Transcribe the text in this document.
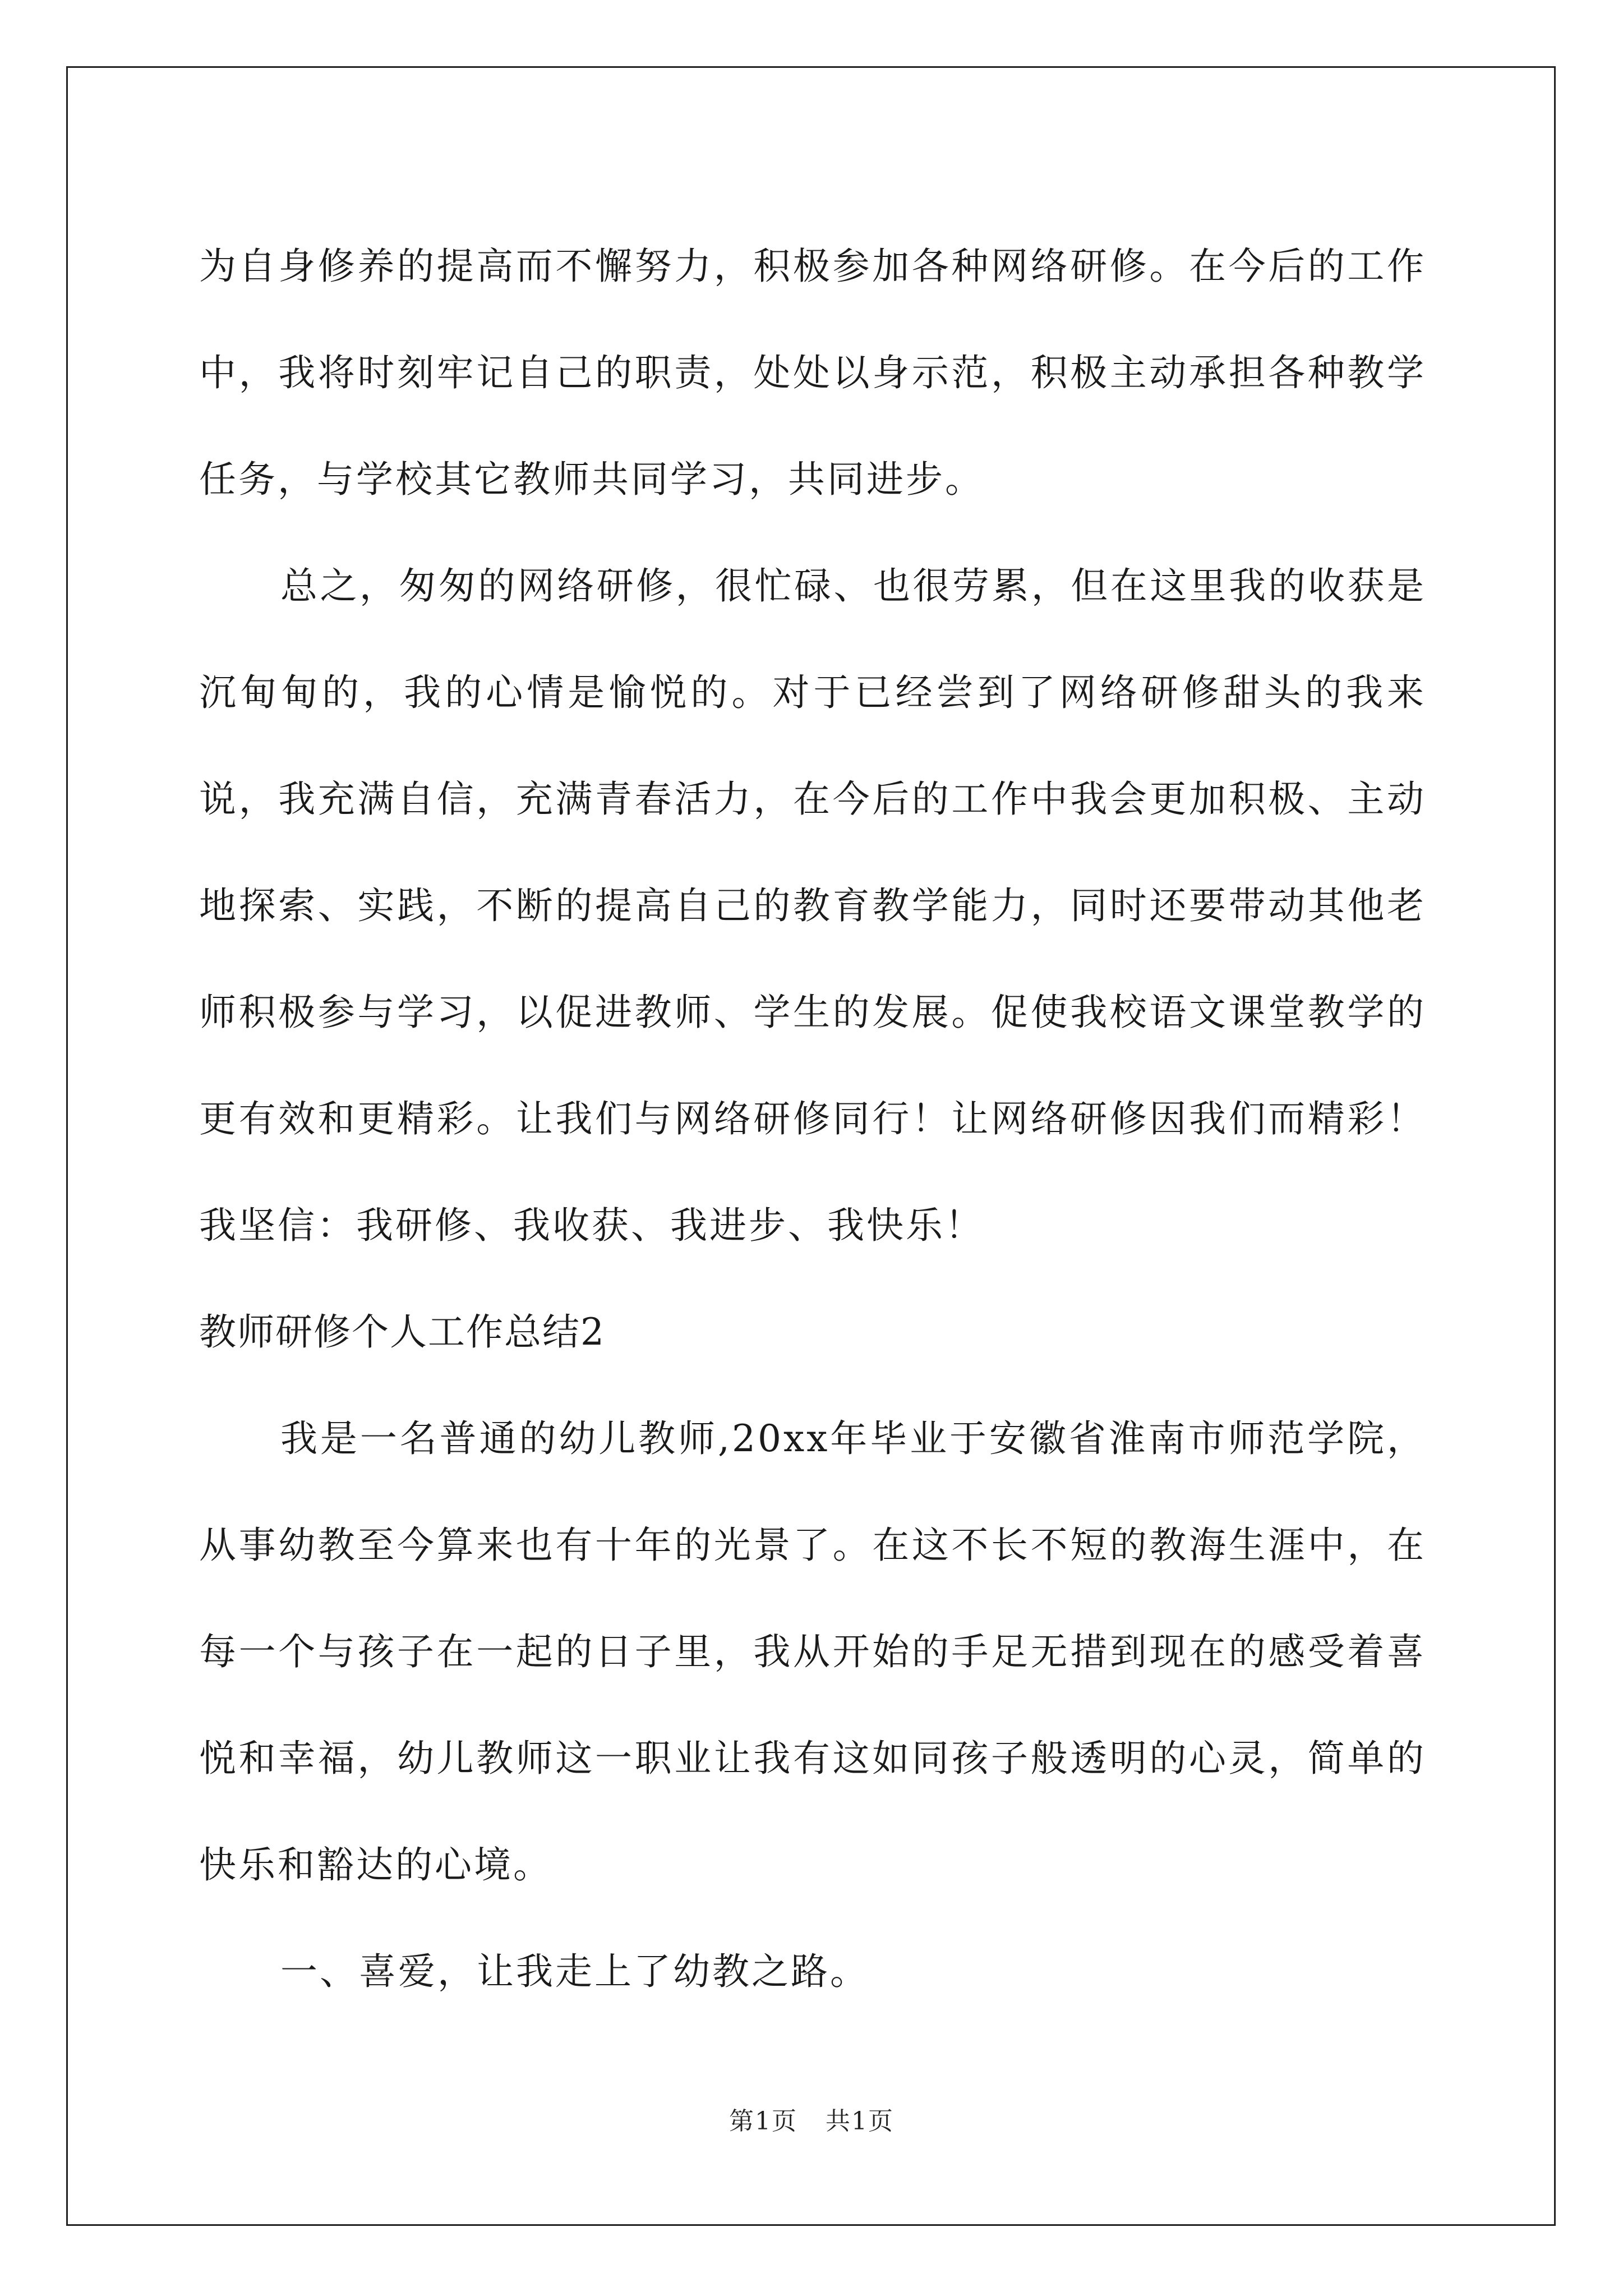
为自身修养的提高而不懈努力，积极参加各种网络研修。在今后的工作中，我将时刻牢记自己的职责，处处以身示范，积极主动承担各种教学任务，与学校其它教师共同学习，共同进步。

总之，匆匆的网络研修，很忙碌、也很劳累，但在这里我的收获是沉甸甸的，我的心情是愉悦的。对于已经尝到了网络研修甜头的我来说，我充满自信，充满青春活力，在今后的工作中我会更加积极、主动地探索、实践，不断的提高自己的教育教学能力，同时还要带动其他老师积极参与学习，以促进教师、学生的发展。促使我校语文课堂教学的更有效和更精彩。让我们与网络研修同行！让网络研修因我们而精彩！我坚信：我研修、我收获、我进步、我快乐！

教师研修个人工作总结2

我是一名普通的幼儿教师,20xx年毕业于安徽省淮南市师范学院，从事幼教至今算来也有十年的光景了。在这不长不短的教海生涯中，在每一个与孩子在一起的日子里，我从开始的手足无措到现在的感受着喜悦和幸福，幼儿教师这一职业让我有这如同孩子般透明的心灵，简单的快乐和豁达的心境。

一、喜爱，让我走上了幼教之路。

第1页 共1页
